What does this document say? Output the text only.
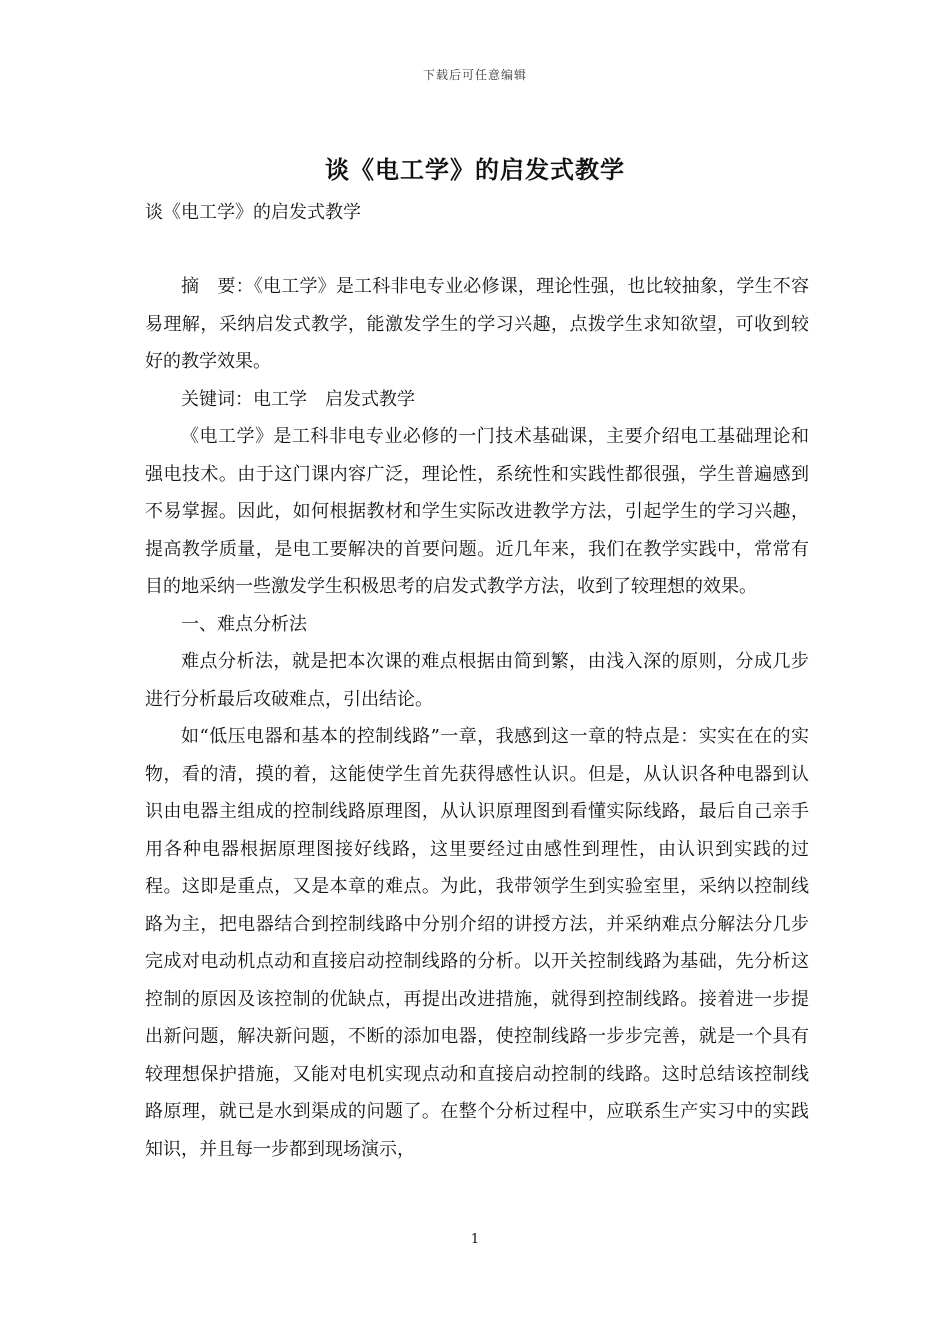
下载后可任意编辑
谈《电工学》的启发式教学
谈《电工学》的启发式教学

摘　要：《电工学》是工科非电专业必修课，理论性强，也比较抽象，学生不容易理解，采纳启发式教学，能激发学生的学习兴趣，点拨学生求知欲望，可收到较好的教学效果。

关键词：电工学　启发式教学

《电工学》是工科非电专业必修的一门技术基础课，主要介绍电工基础理论和强电技术。由于这门课内容广泛，理论性，系统性和实践性都很强，学生普遍感到不易掌握。因此，如何根据教材和学生实际改进教学方法，引起学生的学习兴趣，提高教学质量，是电工要解决的首要问题。近几年来，我们在教学实践中，常常有目的地采纳一些激发学生积极思考的启发式教学方法，收到了较理想的效果。

一、难点分析法

难点分析法，就是把本次课的难点根据由简到繁，由浅入深的原则，分成几步进行分析最后攻破难点，引出结论。

如“低压电器和基本的控制线路”一章，我感到这一章的特点是：实实在在的实物，看的清，摸的着，这能使学生首先获得感性认识。但是，从认识各种电器到认识由电器主组成的控制线路原理图，从认识原理图到看懂实际线路，最后自己亲手用各种电器根据原理图接好线路，这里要经过由感性到理性，由认识到实践的过程。这即是重点，又是本章的难点。为此，我带领学生到实验室里，采纳以控制线路为主，把电器结合到控制线路中分别介绍的讲授方法，并采纳难点分解法分几步完成对电动机点动和直接启动控制线路的分析。以开关控制线路为基础，先分析这控制的原因及该控制的优缺点，再提出改进措施，就得到控制线路。接着进一步提出新问题，解决新问题，不断的添加电器，使控制线路一步步完善，就是一个具有较理想保护措施，又能对电机实现点动和直接启动控制的线路。这时总结该控制线路原理，就已是水到渠成的问题了。在整个分析过程中，应联系生产实习中的实践知识，并且每一步都到现场演示，

1
